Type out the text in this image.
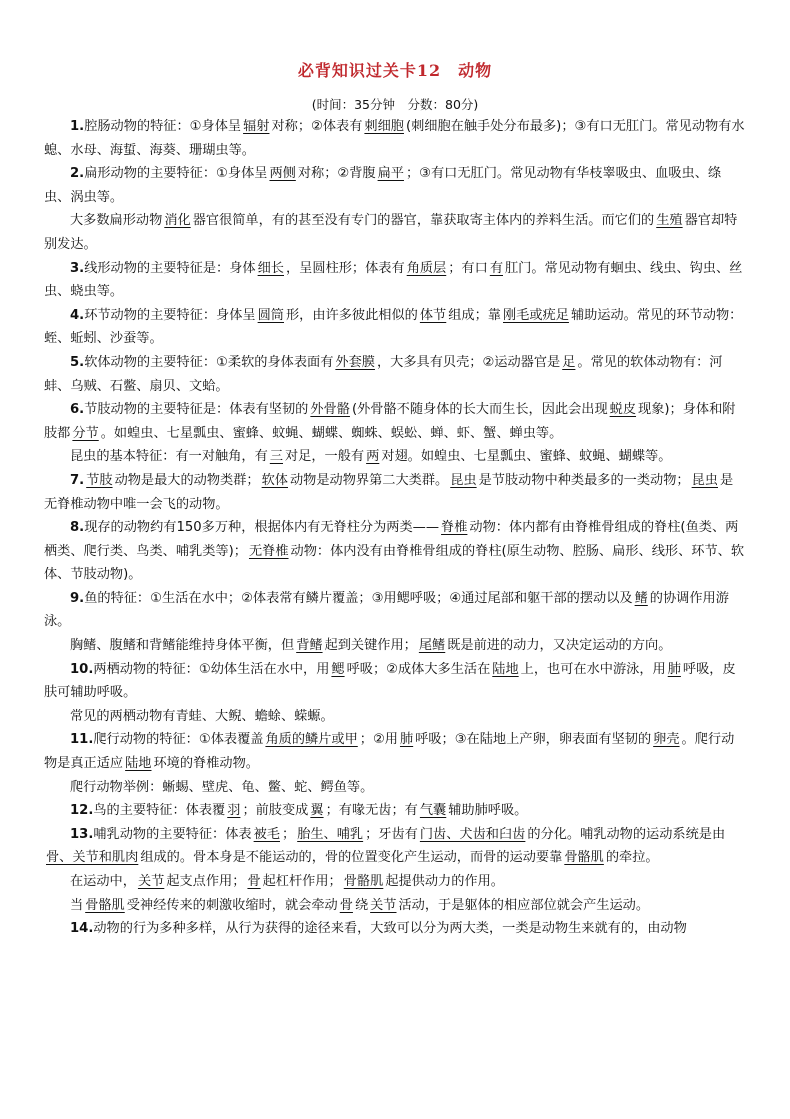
必背知识过关卡12　动物

(时间：35分钟　分数：80分)

1.腔肠动物的特征：①身体呈 辐射 对称；②体表有 刺细胞 (刺细胞在触手处分布最多)；③有口无肛门。常见动物有水螅、水母、海蜇、海葵、珊瑚虫等。

2.扁形动物的主要特征：①身体呈 两侧 对称；②背腹 扁平 ；③有口无肛门。常见动物有华枝睾吸虫、血吸虫、绦虫、涡虫等。

大多数扁形动物 消化 器官很简单，有的甚至没有专门的器官，靠获取寄主体内的养料生活。而它们的 生殖 器官却特别发达。

3.线形动物的主要特征是：身体 细长 ，呈圆柱形；体表有 角质层 ；有口 有 肛门。常见动物有蛔虫、线虫、钩虫、丝虫、蛲虫等。

4.环节动物的主要特征：身体呈 圆筒 形，由许多彼此相似的 体节 组成；靠 刚毛或疣足 辅助运动。常见的环节动物：蛭、蚯蚓、沙蚕等。

5.软体动物的主要特征：①柔软的身体表面有 外套膜 ，大多具有贝壳；②运动器官是 足 。常见的软体动物有：河蚌、乌贼、石鳖、扇贝、文蛤。

6.节肢动物的主要特征是：体表有坚韧的 外骨骼 (外骨骼不随身体的长大而生长，因此会出现 蜕皮 现象)；身体和附肢都 分节 。如蝗虫、七星瓢虫、蜜蜂、蚊蝇、蝴蝶、蜘蛛、蜈蚣、蝉、虾、蟹、蝉虫等。

昆虫的基本特征：有一对触角，有 三 对足，一般有 两 对翅。如蝗虫、七星瓢虫、蜜蜂、蚊蝇、蝴蝶等。

7. 节肢 动物是最大的动物类群； 软体 动物是动物界第二大类群。 昆虫 是节肢动物中种类最多的一类动物； 昆虫 是无脊椎动物中唯一会飞的动物。

8.现存的动物约有150多万种，根据体内有无脊柱分为两类—— 脊椎 动物：体内都有由脊椎骨组成的脊柱(鱼类、两栖类、爬行类、鸟类、哺乳类等)； 无脊椎 动物：体内没有由脊椎骨组成的脊柱(原生动物、腔肠、扁形、线形、环节、软体、节肢动物)。

9.鱼的特征：①生活在水中；②体表常有鳞片覆盖；③用鳃呼吸；④通过尾部和躯干部的摆动以及 鳍 的协调作用游泳。

胸鳍、腹鳍和背鳍能维持身体平衡，但 背鳍 起到关键作用； 尾鳍 既是前进的动力，又决定运动的方向。

10.两栖动物的特征：①幼体生活在水中，用 鳃 呼吸；②成体大多生活在 陆地 上，也可在水中游泳，用 肺 呼吸，皮肤可辅助呼吸。

常见的两栖动物有青蛙、大鲵、蟾蜍、蝾螈。

11.爬行动物的特征：①体表覆盖 角质的鳞片或甲 ；②用 肺 呼吸；③在陆地上产卵，卵表面有坚韧的 卵壳 。爬行动物是真正适应 陆地 环境的脊椎动物。

爬行动物举例：蜥蜴、壁虎、龟、鳖、蛇、鳄鱼等。

12.鸟的主要特征：体表覆 羽 ；前肢变成 翼 ；有喙无齿；有 气囊 辅助肺呼吸。

13.哺乳动物的主要特征：体表 被毛 ； 胎生、哺乳 ；牙齿有 门齿、犬齿和臼齿 的分化。哺乳动物的运动系统是由骨、关节和肌肉 组成的。骨本身是不能运动的，骨的位置变化产生运动，而骨的运动要靠 骨骼肌 的牵拉。

在运动中， 关节 起支点作用； 骨 起杠杆作用； 骨骼肌 起提供动力的作用。

当 骨骼肌 受神经传来的刺激收缩时，就会牵动 骨 绕 关节 活动，于是躯体的相应部位就会产生运动。

14.动物的行为多种多样，从行为获得的途径来看，大致可以分为两大类，一类是动物生来就有的，由动物
